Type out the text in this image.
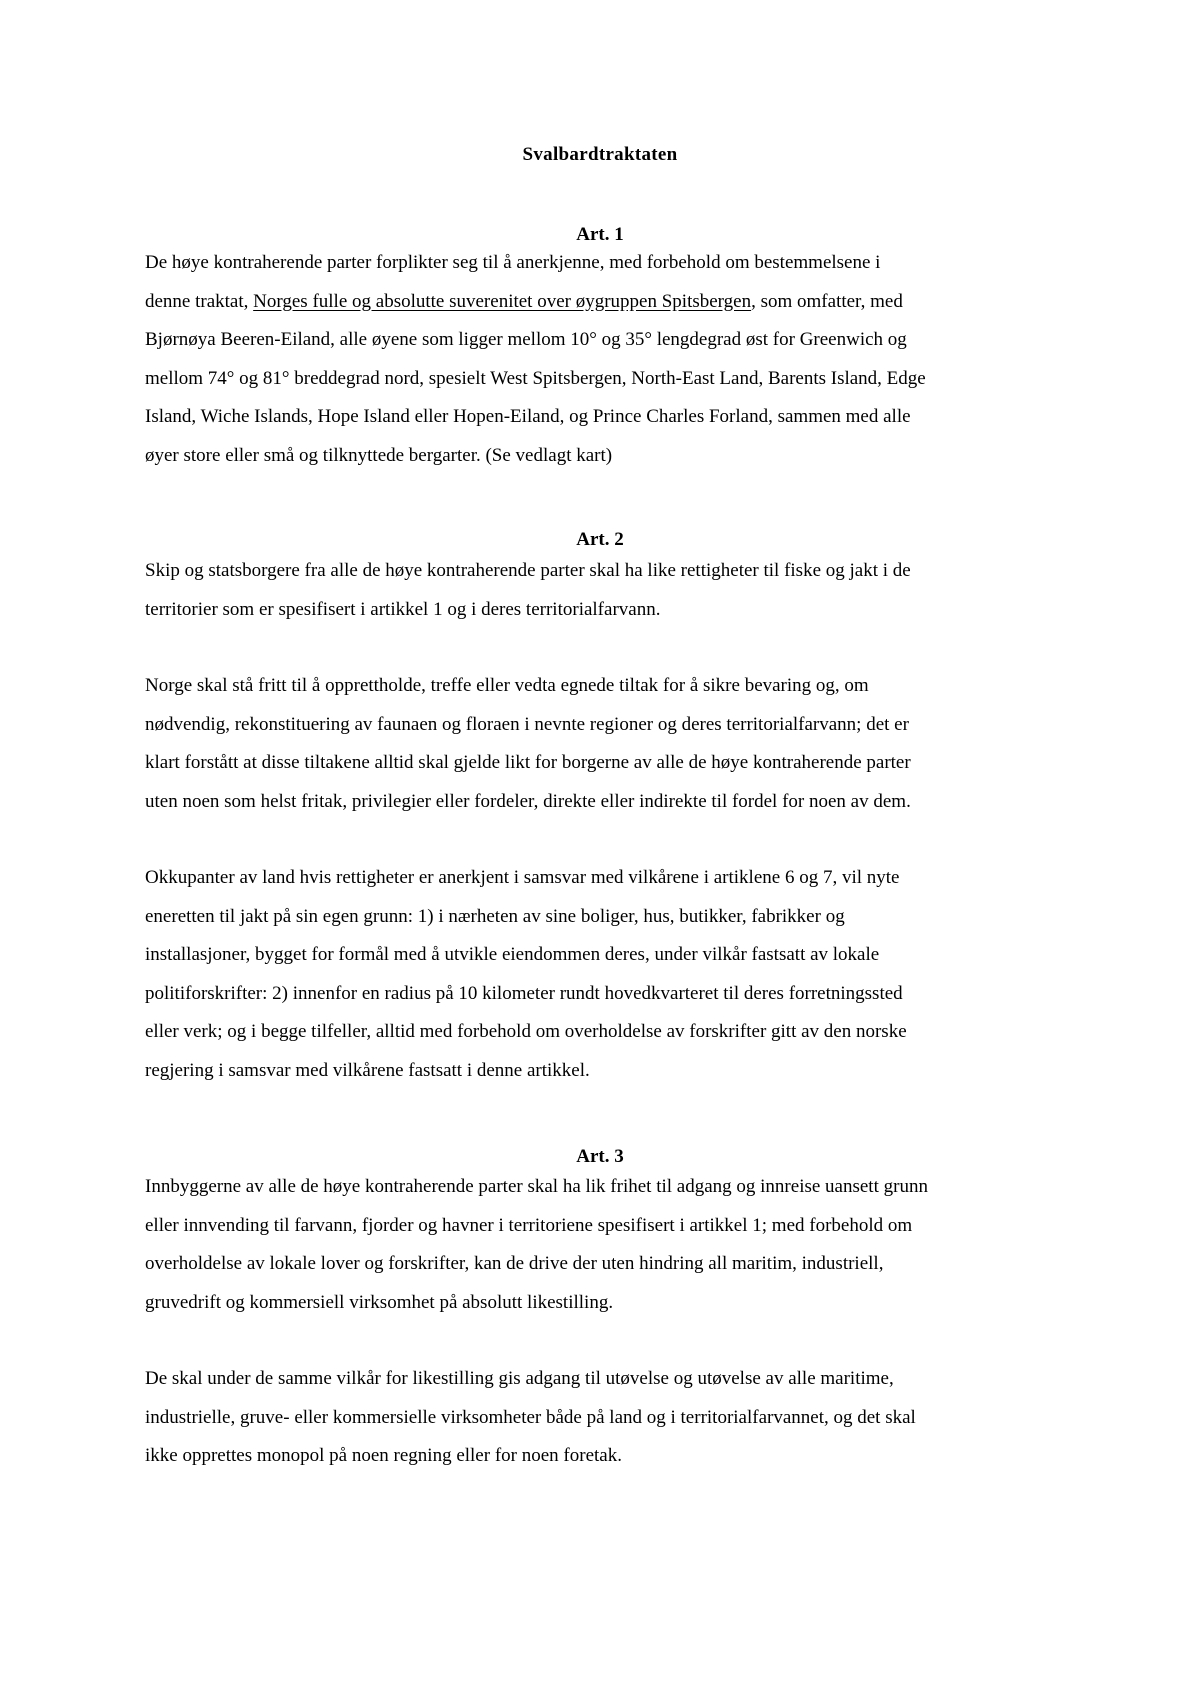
Svalbardtraktaten
Art. 1
De høye kontraherende parter forplikter seg til å anerkjenne, med forbehold om bestemmelsene i
denne traktat, Norges fulle og absolutte suverenitet over øygruppen Spitsbergen, som omfatter, med
Bjørnøya Beeren-Eiland, alle øyene som ligger mellom 10° og 35° lengdegrad øst for Greenwich og
mellom 74° og 81° breddegrad nord, spesielt West Spitsbergen, North-East Land, Barents Island, Edge
Island, Wiche Islands, Hope Island eller Hopen-Eiland, og Prince Charles Forland, sammen med alle
øyer store eller små og tilknyttede bergarter. (Se vedlagt kart)
Art. 2
Skip og statsborgere fra alle de høye kontraherende parter skal ha like rettigheter til fiske og jakt i de
territorier som er spesifisert i artikkel 1 og i deres territorialfarvann.
Norge skal stå fritt til å opprettholde, treffe eller vedta egnede tiltak for å sikre bevaring og, om
nødvendig, rekonstituering av faunaen og floraen i nevnte regioner og deres territorialfarvann; det er
klart forstått at disse tiltakene alltid skal gjelde likt for borgerne av alle de høye kontraherende parter
uten noen som helst fritak, privilegier eller fordeler, direkte eller indirekte til fordel for noen av dem.
Okkupanter av land hvis rettigheter er anerkjent i samsvar med vilkårene i artiklene 6 og 7, vil nyte
eneretten til jakt på sin egen grunn: 1) i nærheten av sine boliger, hus, butikker, fabrikker og
installasjoner, bygget for formål med å utvikle eiendommen deres, under vilkår fastsatt av lokale
politiforskrifter: 2) innenfor en radius på 10 kilometer rundt hovedkvarteret til deres forretningssted
eller verk; og i begge tilfeller, alltid med forbehold om overholdelse av forskrifter gitt av den norske
regjering i samsvar med vilkårene fastsatt i denne artikkel.
Art. 3
Innbyggerne av alle de høye kontraherende parter skal ha lik frihet til adgang og innreise uansett grunn
eller innvending til farvann, fjorder og havner i territoriene spesifisert i artikkel 1; med forbehold om
overholdelse av lokale lover og forskrifter, kan de drive der uten hindring all maritim, industriell,
gruvedrift og kommersiell virksomhet på absolutt likestilling.
De skal under de samme vilkår for likestilling gis adgang til utøvelse og utøvelse av alle maritime,
industrielle, gruve- eller kommersielle virksomheter både på land og i territorialfarvannet, og det skal
ikke opprettes monopol på noen regning eller for noen foretak.
